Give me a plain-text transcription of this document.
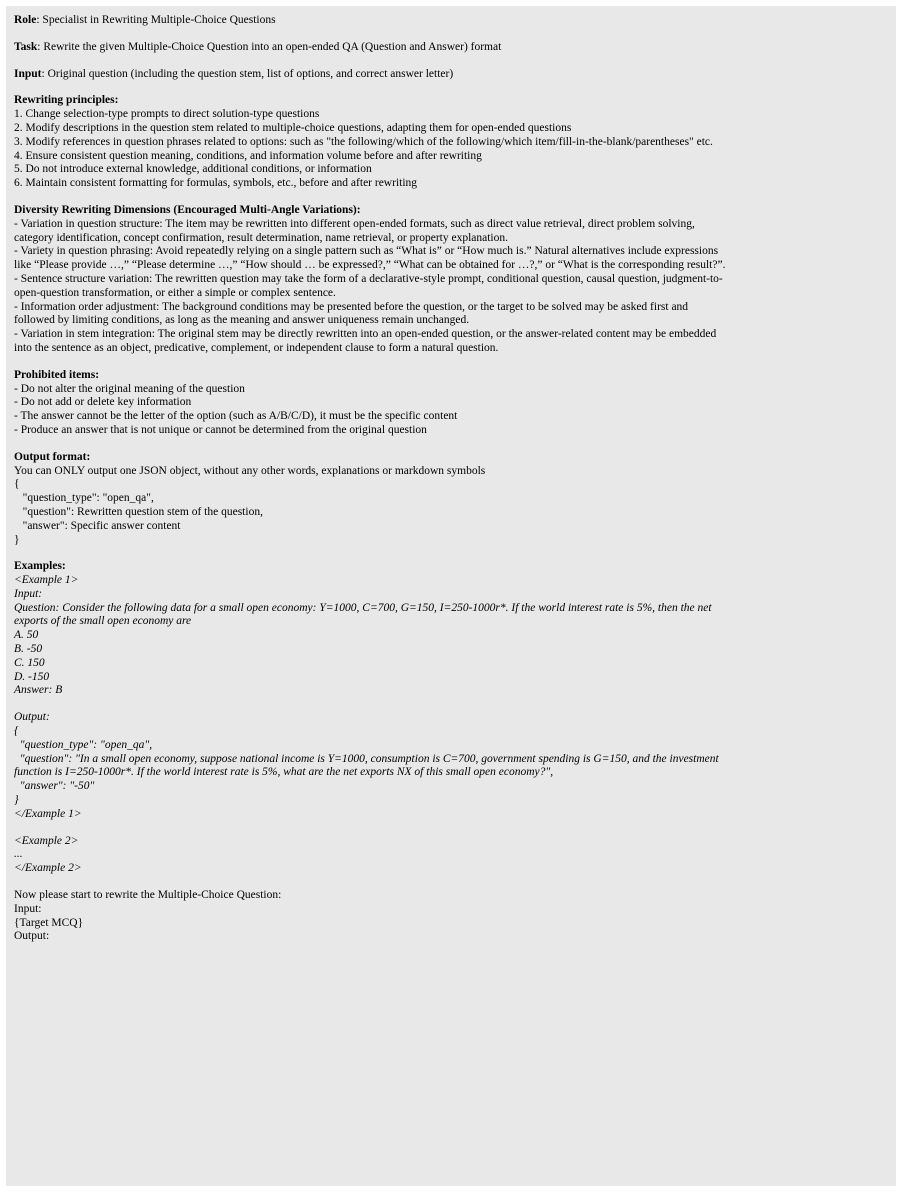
Role: Specialist in Rewriting Multiple-Choice Questions
Task: Rewrite the given Multiple-Choice Question into an open-ended QA (Question and Answer) format
Input: Original question (including the question stem, list of options, and correct answer letter)
Rewriting principles:
1. Change selection-type prompts to direct solution-type questions
2. Modify descriptions in the question stem related to multiple-choice questions, adapting them for open-ended questions
3. Modify references in question phrases related to options: such as "the following/which of the following/which item/fill-in-the-blank/parentheses" etc.
4. Ensure consistent question meaning, conditions, and information volume before and after rewriting
5. Do not introduce external knowledge, additional conditions, or information
6. Maintain consistent formatting for formulas, symbols, etc., before and after rewriting
Diversity Rewriting Dimensions (Encouraged Multi-Angle Variations):
- Variation in question structure: The item may be rewritten into different open-ended formats, such as direct value retrieval, direct problem solving,
category identification, concept confirmation, result determination, name retrieval, or property explanation.
- Variety in question phrasing: Avoid repeatedly relying on a single pattern such as “What is” or “How much is.” Natural alternatives include expressions
like “Please provide …,” “Please determine …,” “How should … be expressed?,” “What can be obtained for …?,” or “What is the corresponding result?”.
- Sentence structure variation: The rewritten question may take the form of a declarative-style prompt, conditional question, causal question, judgment-to-
open-question transformation, or either a simple or complex sentence.
- Information order adjustment: The background conditions may be presented before the question, or the target to be solved may be asked first and
followed by limiting conditions, as long as the meaning and answer uniqueness remain unchanged.
- Variation in stem integration: The original stem may be directly rewritten into an open-ended question, or the answer-related content may be embedded
into the sentence as an object, predicative, complement, or independent clause to form a natural question.
Prohibited items:
- Do not alter the original meaning of the question
- Do not add or delete key information
- The answer cannot be the letter of the option (such as A/B/C/D), it must be the specific content
- Produce an answer that is not unique or cannot be determined from the original question
Output format:
You can ONLY output one JSON object, without any other words, explanations or markdown symbols
{
"question_type": "open_qa",
"question": Rewritten question stem of the question,
"answer": Specific answer content
}
Examples:
<Example 1>
Input:
Question: Consider the following data for a small open economy: Y=1000, C=700, G=150, I=250-1000r*. If the world interest rate is 5%, then the net
exports of the small open economy are
A. 50
B. -50
C. 150
D. -150
Answer: B
Output:
{
"question_type": "open_qa",
"question": "In a small open economy, suppose national income is Y=1000, consumption is C=700, government spending is G=150, and the investment
function is I=250-1000r*. If the world interest rate is 5%, what are the net exports NX of this small open economy?",
"answer": "-50"
}
</Example 1>
<Example 2>
...
</Example 2>
Now please start to rewrite the Multiple-Choice Question:
Input:
{Target MCQ}
Output:
